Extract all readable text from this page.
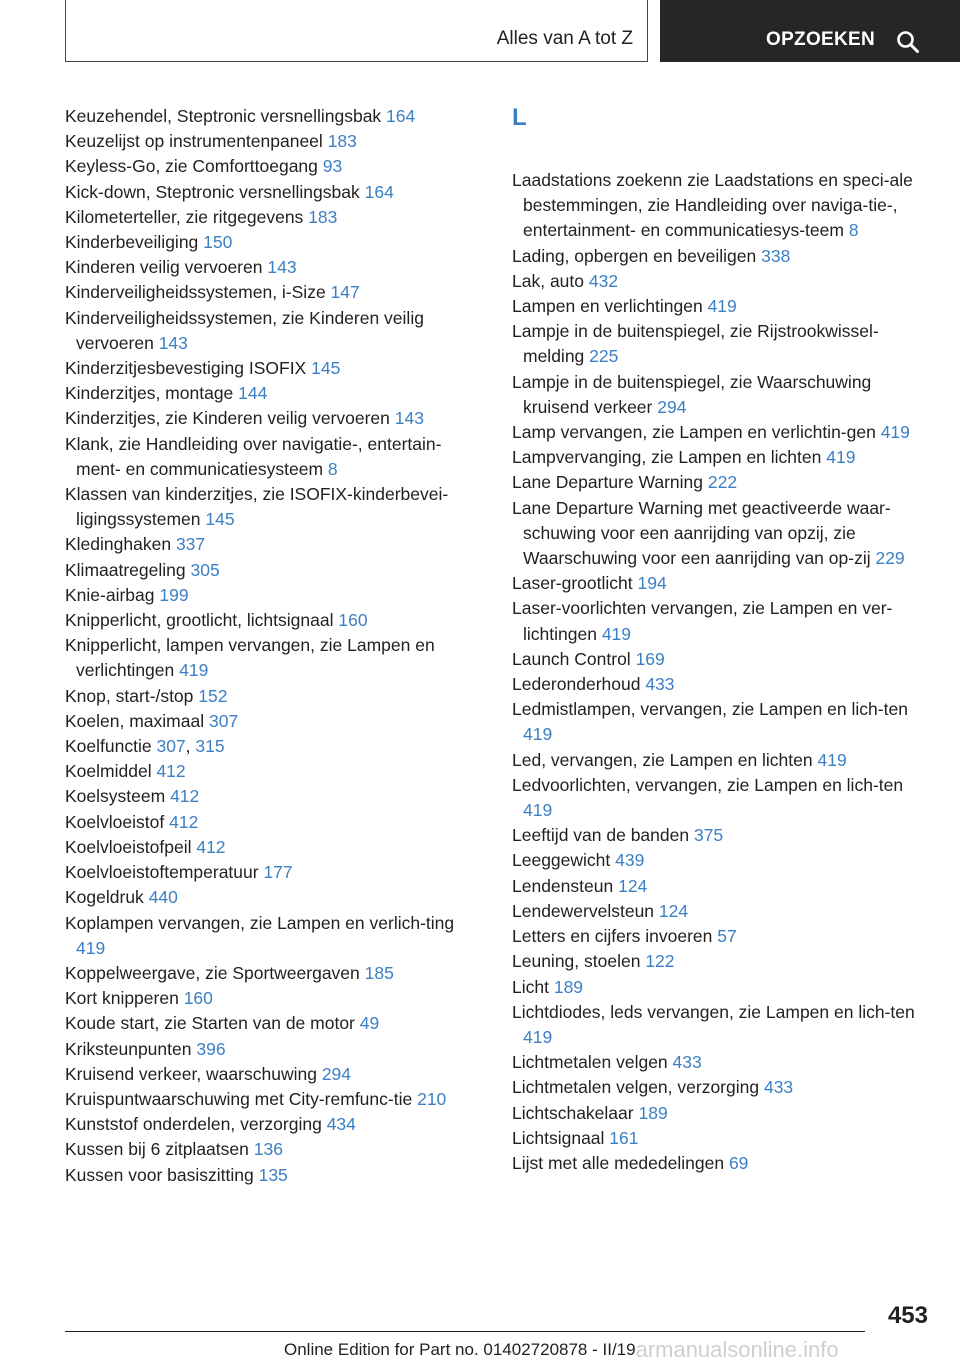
Alles van A tot Z	OPZOEKEN
Keuzehendel, Steptronic versnellingsbak 164
Keuzelijst op instrumentenpaneel 183
Keyless-Go, zie Comforttoegang 93
Kick-down, Steptronic versnellingsbak 164
Kilometerteller, zie ritgegevens 183
Kinderbeveiliging 150
Kinderen veilig vervoeren 143
Kinderveiligheidssystemen, i-Size 147
Kinderveiligheidssystemen, zie Kinderen veilig vervoeren 143
Kinderzitjesbevestiging ISOFIX 145
Kinderzitjes, montage 144
Kinderzitjes, zie Kinderen veilig vervoeren 143
Klank, zie Handleiding over navigatie-, entertain-ment- en communicatiesysteem 8
Klassen van kinderzitjes, zie ISOFIX-kinderbevei-ligingssystemen 145
Kledinghaken 337
Klimaatregeling 305
Knie-airbag 199
Knipperlicht, grootlicht, lichtsignaal 160
Knipperlicht, lampen vervangen, zie Lampen en verlichtingen 419
Knop, start-/stop 152
Koelen, maximaal 307
Koelfunctie 307, 315
Koelmiddel 412
Koelsysteem 412
Koelvloeistof 412
Koelvloeistofpeil 412
Koelvloeistoftemperatuur 177
Kogeldruk 440
Koplampen vervangen, zie Lampen en verlich-ting 419
Koppelweergave, zie Sportweergaven 185
Kort knipperen 160
Koude start, zie Starten van de motor 49
Kriksteunpunten 396
Kruisend verkeer, waarschuwing 294
Kruispuntwaarschuwing met City-remfunc-tie 210
Kunststof onderdelen, verzorging 434
Kussen bij 6 zitplaatsen 136
Kussen voor basiszitting 135
L
Laadstations zoekenn zie Laadstations en speci-ale bestemmingen, zie Handleiding over naviga-tie-, entertainment- en communicatiesys-teem 8
Lading, opbergen en beveiligen 338
Lak, auto 432
Lampen en verlichtingen 419
Lampje in de buitenspiegel, zie Rijstrookwissel-melding 225
Lampje in de buitenspiegel, zie Waarschuwing kruisend verkeer 294
Lamp vervangen, zie Lampen en verlichtin-gen 419
Lampvervanging, zie Lampen en lichten 419
Lane Departure Warning 222
Lane Departure Warning met geactiveerde waar-schuwing voor een aanrijding van opzij, zie Waarschuwing voor een aanrijding van op-zij 229
Laser-grootlicht 194
Laser-voorlichten vervangen, zie Lampen en ver-lichtingen 419
Launch Control 169
Lederonderhoud 433
Ledmistlampen, vervangen, zie Lampen en lich-ten 419
Led, vervangen, zie Lampen en lichten 419
Ledvoorlichten, vervangen, zie Lampen en lich-ten 419
Leeftijd van de banden 375
Leeggewicht 439
Lendensteun 124
Lendewervelsteun 124
Letters en cijfers invoeren 57
Leuning, stoelen 122
Licht 189
Lichtdiodes, leds vervangen, zie Lampen en lich-ten 419
Lichtmetalen velgen 433
Lichtmetalen velgen, verzorging 433
Lichtschakelaar 189
Lichtsignaal 161
Lijst met alle mededelingen 69
453
Online Edition for Part no. 01402720878 - II/19armanualsonline.info
